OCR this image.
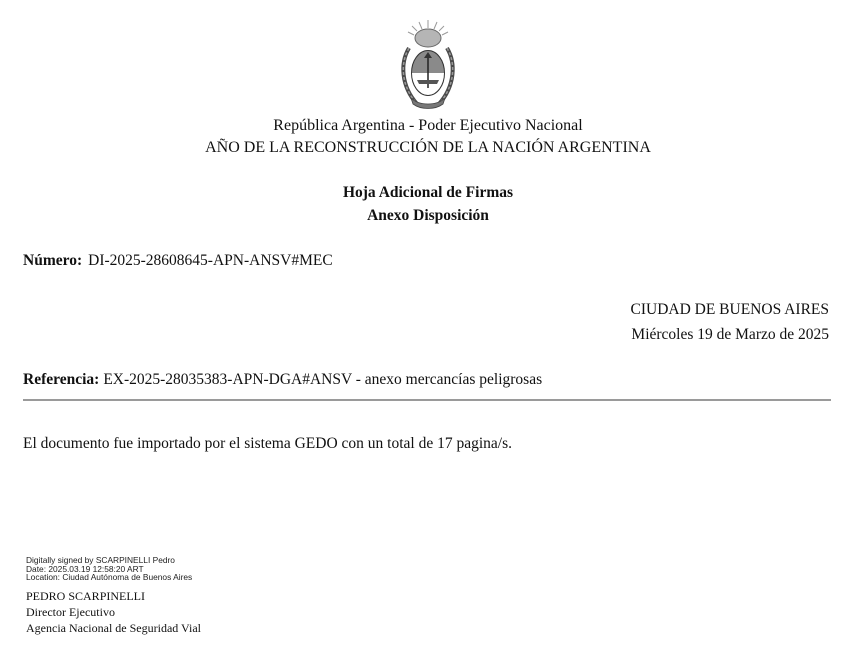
República Argentina - Poder Ejecutivo Nacional
AÑO DE LA RECONSTRUCCIÓN DE LA NACIÓN ARGENTINA
Hoja Adicional de Firmas
Anexo Disposición
Número: DI-2025-28608645-APN-ANSV#MEC
CIUDAD DE BUENOS AIRES
Miércoles 19 de Marzo de 2025
Referencia: EX-2025-28035383-APN-DGA#ANSV - anexo mercancías peligrosas
El documento fue importado por el sistema GEDO con un total de 17 pagina/s.
Digitally signed by SCARPINELLI Pedro
Date: 2025.03.19 12:58:20 ART
Location: Ciudad Autónoma de Buenos Aires
PEDRO SCARPINELLI
Director Ejecutivo
Agencia Nacional de Seguridad Vial
